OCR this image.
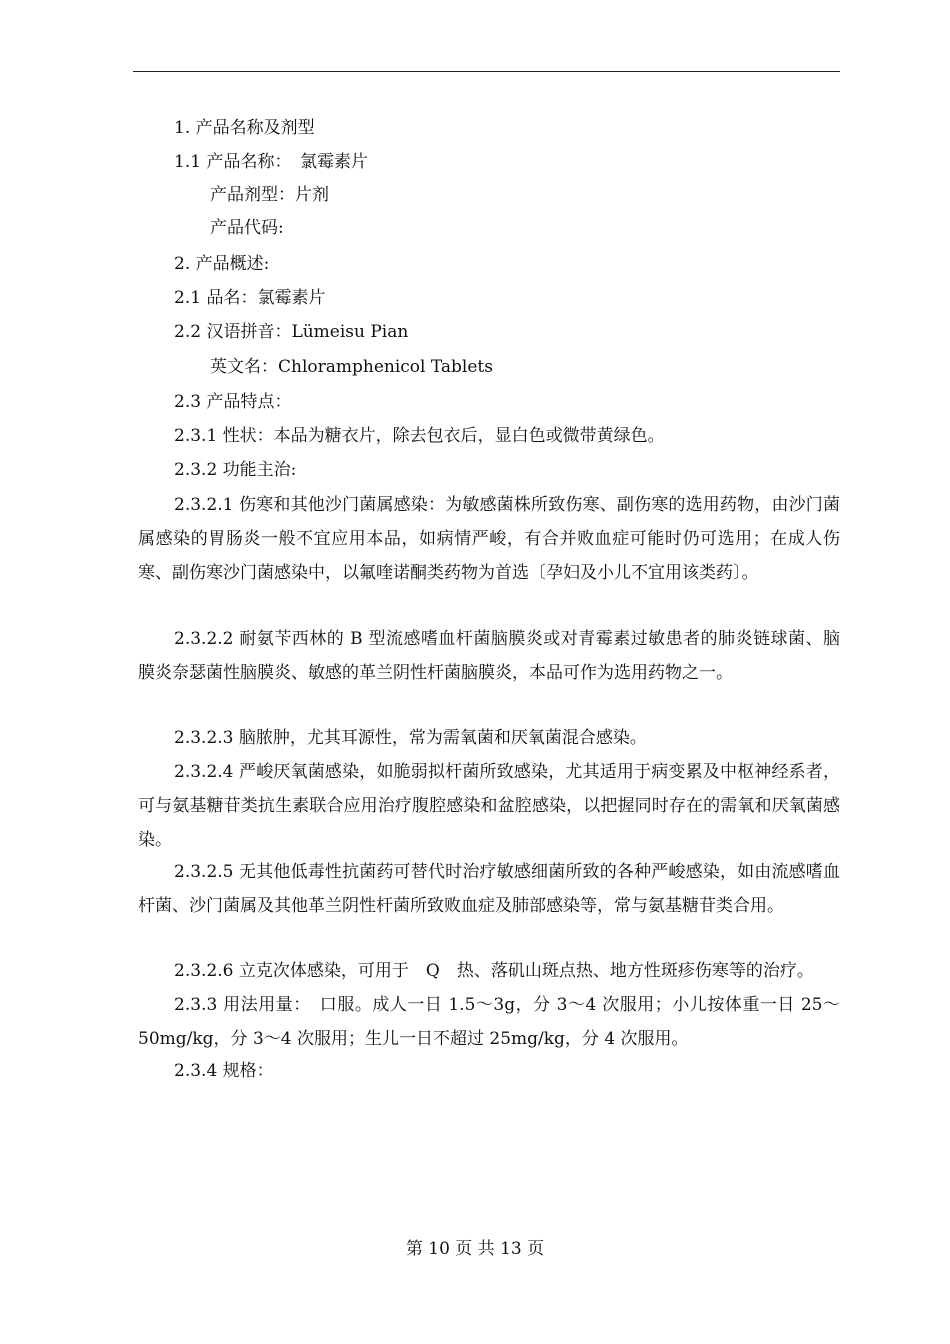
1. 产品名称及剂型
1.1 产品名称：　氯霉素片
产品剂型：片剂
产品代码:
2. 产品概述:
2.1 品名：氯霉素片
2.2 汉语拼音：Lümeisu Pian
英文名：Chloramphenicol Tablets
2.3 产品特点：
2.3.1 性状：本品为糖衣片，除去包衣后，显白色或微带黄绿色。
2.3.2 功能主治:
2.3.2.1 伤寒和其他沙门菌属感染：为敏感菌株所致伤寒、副伤寒的选用药物，由沙门菌属感染的胃肠炎一般不宜应用本品，如病情严峻，有合并败血症可能时仍可选用；在成人伤寒、副伤寒沙门菌感染中，以氟喹诺酮类药物为首选〔孕妇及小儿不宜用该类药〕。
2.3.2.2 耐氨苄西林的 B 型流感嗜血杆菌脑膜炎或对青霉素过敏患者的肺炎链球菌、脑膜炎奈瑟菌性脑膜炎、敏感的革兰阴性杆菌脑膜炎，本品可作为选用药物之一。
2.3.2.3 脑脓肿，尤其耳源性，常为需氧菌和厌氧菌混合感染。
2.3.2.4 严峻厌氧菌感染，如脆弱拟杆菌所致感染，尤其适用于病变累及中枢神经系者，可与氨基糖苷类抗生素联合应用治疗腹腔感染和盆腔感染，以把握同时存在的需氧和厌氧菌感染。
2.3.2.5 无其他低毒性抗菌药可替代时治疗敏感细菌所致的各种严峻感染，如由流感嗜血杆菌、沙门菌属及其他革兰阴性杆菌所致败血症及肺部感染等，常与氨基糖苷类合用。
2.3.2.6 立克次体感染，可用于　Q　热、落矶山斑点热、地方性斑疹伤寒等的治疗。
2.3.3 用法用量：　口服。成人一日 1.5～3g，分 3～4 次服用；小儿按体重一日 25～50mg/kg，分 3～4 次服用；生儿一日不超过 25mg/kg，分 4 次服用。
2.3.4 规格：
第 10 页 共 13 页
